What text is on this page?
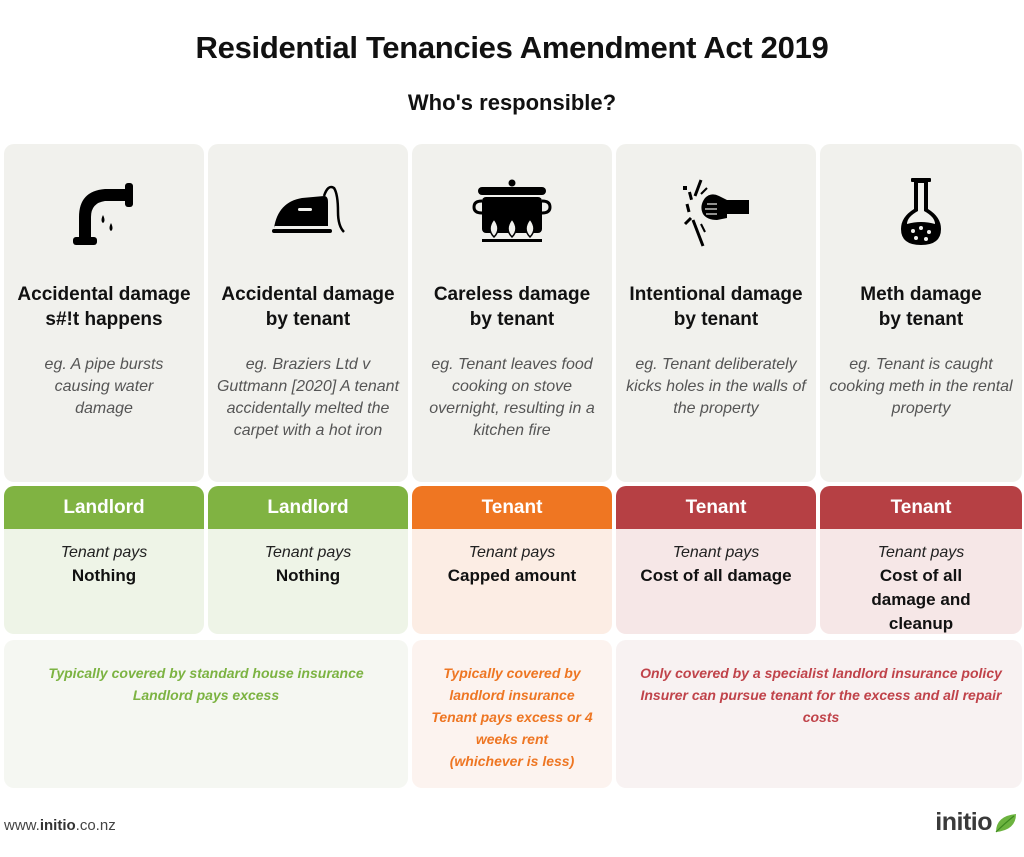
Residential Tenancies Amendment Act 2019
Who's responsible?
Accidental damage
s#!t happens
eg. A pipe bursts causing water damage
Accidental damage
by tenant
eg. Braziers Ltd v Guttmann [2020] A tenant accidentally melted the carpet with a hot iron
Careless damage
by tenant
eg. Tenant leaves food cooking on stove overnight, resulting in a kitchen fire
Intentional damage
by tenant
eg. Tenant deliberately kicks holes in the walls of the property
Meth damage
by tenant
eg. Tenant is caught cooking meth in the rental property
Landlord
Tenant pays
Nothing
Landlord
Tenant pays
Nothing
Tenant
Tenant pays
Capped amount
Tenant
Tenant pays
Cost of all damage
Tenant
Tenant pays
Cost of all damage and cleanup
Typically covered by standard house insurance
Landlord pays excess
Typically covered by landlord insurance
Tenant pays excess or 4 weeks rent
(whichever is less)
Only covered by a specialist landlord insurance policy
Insurer can pursue tenant for the excess and all repair costs
www.initio.co.nz	initio
